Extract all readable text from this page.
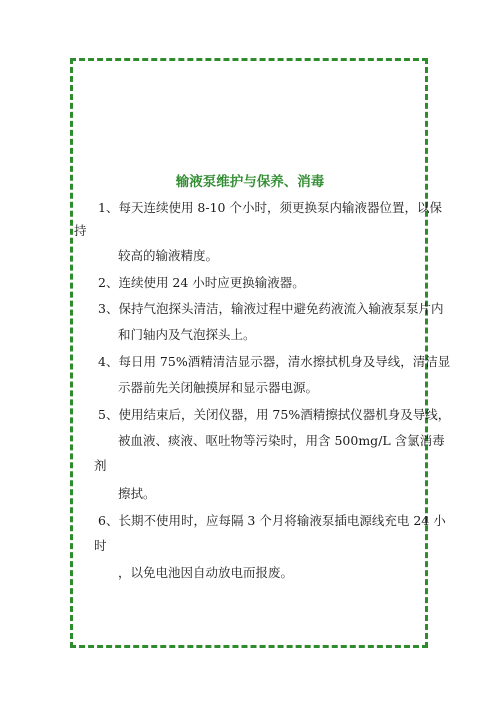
输液泵维护与保养、消毒
1、每天连续使用 8-10 个小时，须更换泵内输液器位置，以保
持
较高的输液精度。
2、连续使用 24 小时应更换输液器。
3、保持气泡探头清洁，输液过程中避免药液流入输液泵泵片内
和门轴内及气泡探头上。
4、每日用 75%酒精清洁显示器，清水擦拭机身及导线，清洁显
示器前先关闭触摸屏和显示器电源。
5、使用结束后，关闭仪器，用 75%酒精擦拭仪器机身及导线，
被血液、痰液、呕吐物等污染时，用含 500mg/L 含氯消毒
剂
擦拭。
6、长期不使用时，应每隔 3 个月将输液泵插电源线充电 24 小
时
，以免电池因自动放电而报废。
